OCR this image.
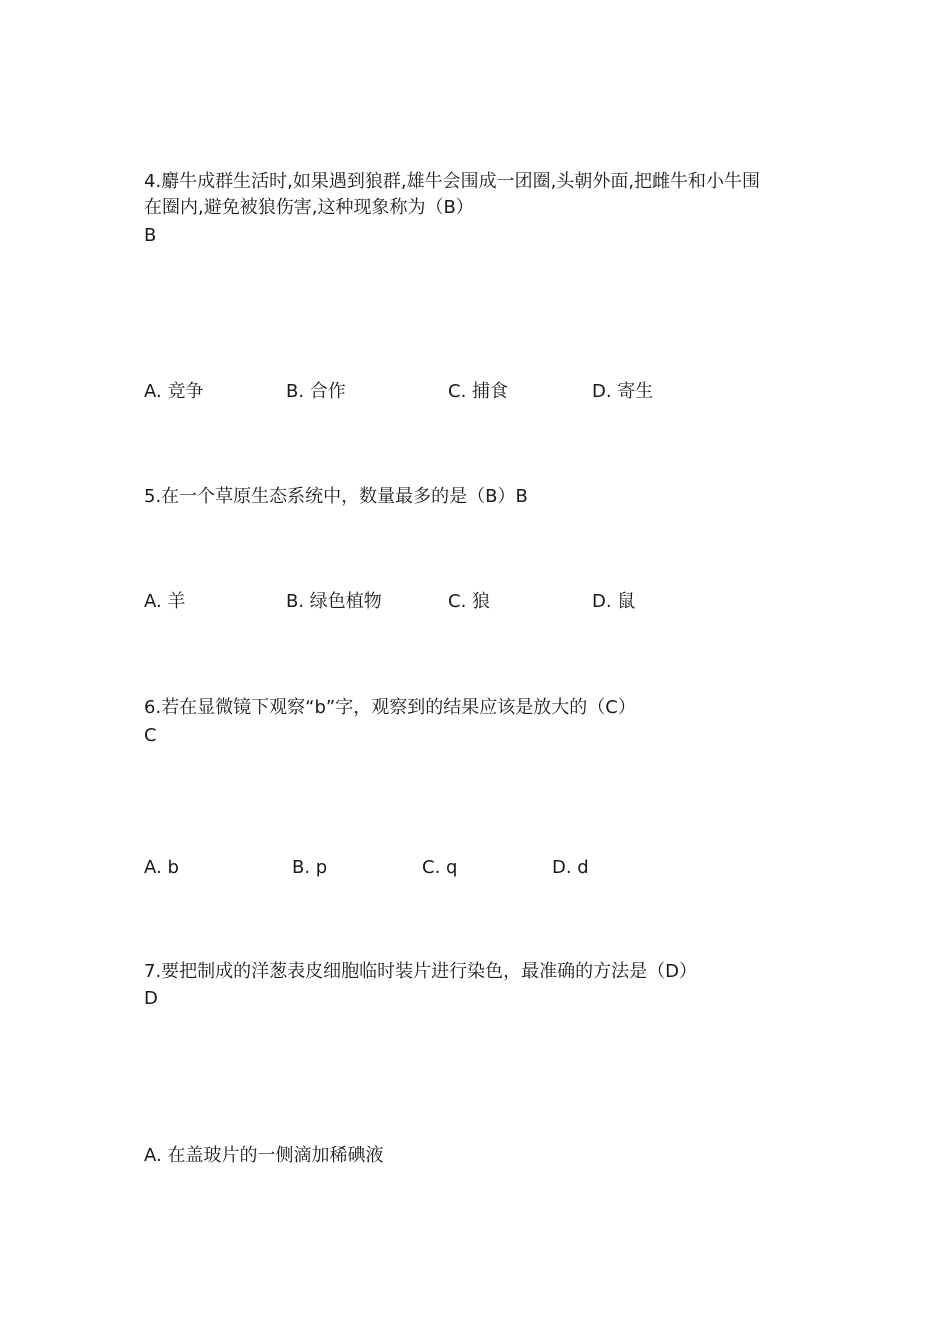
4.麝牛成群生活时,如果遇到狼群,雄牛会围成一团圈,头朝外面,把雌牛和小牛围
在圈内,避免被狼伤害,这种现象称为（B）
B
A. 竞争	B. 合作	C. 捕食	D. 寄生
5.在一个草原生态系统中，数量最多的是（B）B
A. 羊	B. 绿色植物	C. 狼	D. 鼠
6.若在显微镜下观察“b”字，观察到的结果应该是放大的（C）
C
A. b	B. p	C. q	D. d
7.要把制成的洋葱表皮细胞临时装片进行染色，最准确的方法是（D）
D
A. 在盖玻片的一侧滴加稀碘液
